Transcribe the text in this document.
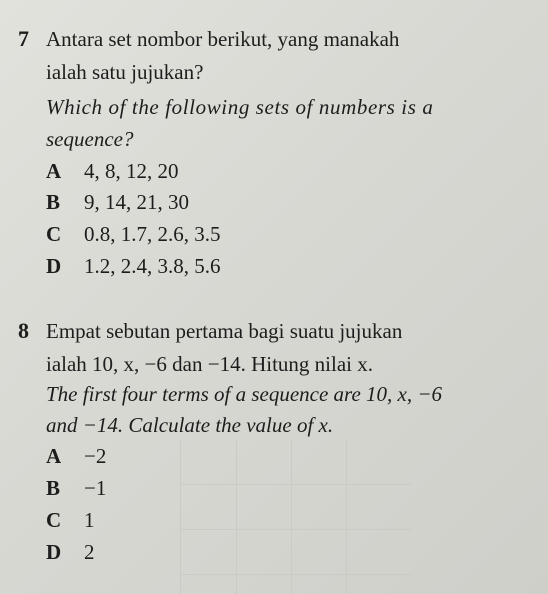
7 Antara set nombor berikut, yang manakah
ialah satu jujukan?
Which of the following sets of numbers is a
sequence?
A 4, 8, 12, 20
B 9, 14, 21, 30
C 0.8, 1.7, 2.6, 3.5
D 1.2, 2.4, 3.8, 5.6
8 Empat sebutan pertama bagi suatu jujukan
ialah 10, x, −6 dan −14. Hitung nilai x.
The first four terms of a sequence are 10, x, −6
and −14. Calculate the value of x.
A −2
B −1
C 1
D 2
